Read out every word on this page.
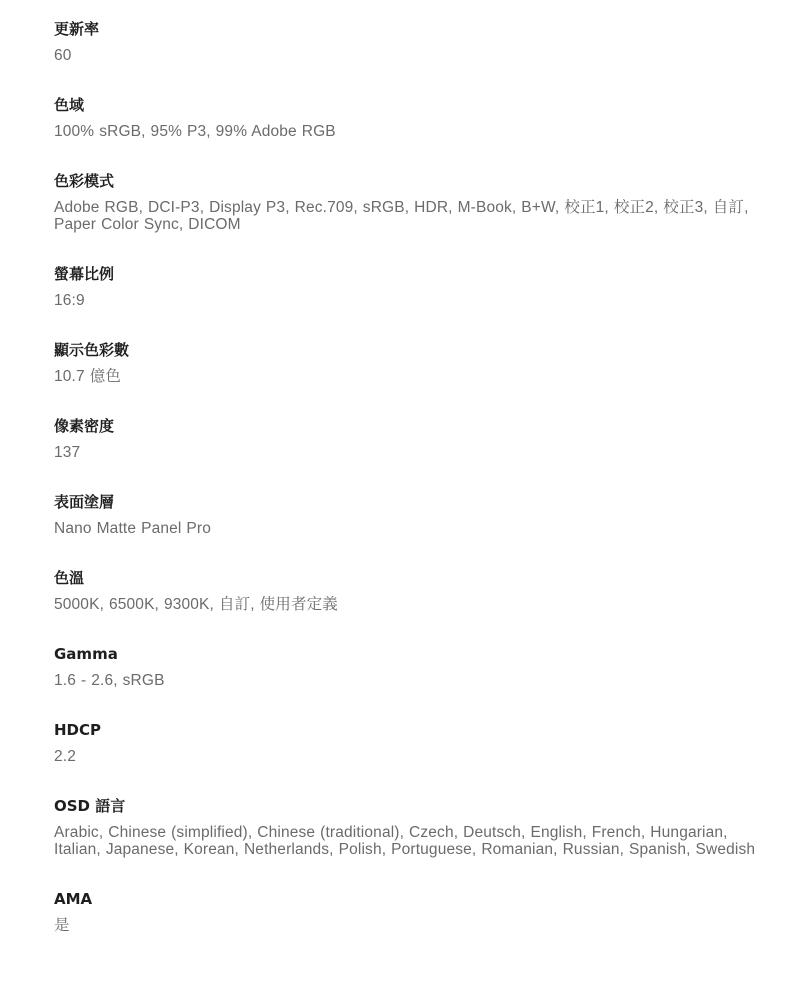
更新率
60
色域
100% sRGB, 95% P3, 99% Adobe RGB
色彩模式
Adobe RGB, DCI-P3, Display P3, Rec.709, sRGB, HDR, M-Book, B+W, 校正1, 校正2, 校正3, 自訂, Paper Color Sync, DICOM
螢幕比例
16:9
顯示色彩數
10.7 億色
像素密度
137
表面塗層
Nano Matte Panel Pro
色溫
5000K, 6500K, 9300K, 自訂, 使用者定義
Gamma
1.6 - 2.6, sRGB
HDCP
2.2
OSD 語言
Arabic, Chinese (simplified), Chinese (traditional), Czech, Deutsch, English, French, Hungarian, Italian, Japanese, Korean, Netherlands, Polish, Portuguese, Romanian, Russian, Spanish, Swedish
AMA
是
